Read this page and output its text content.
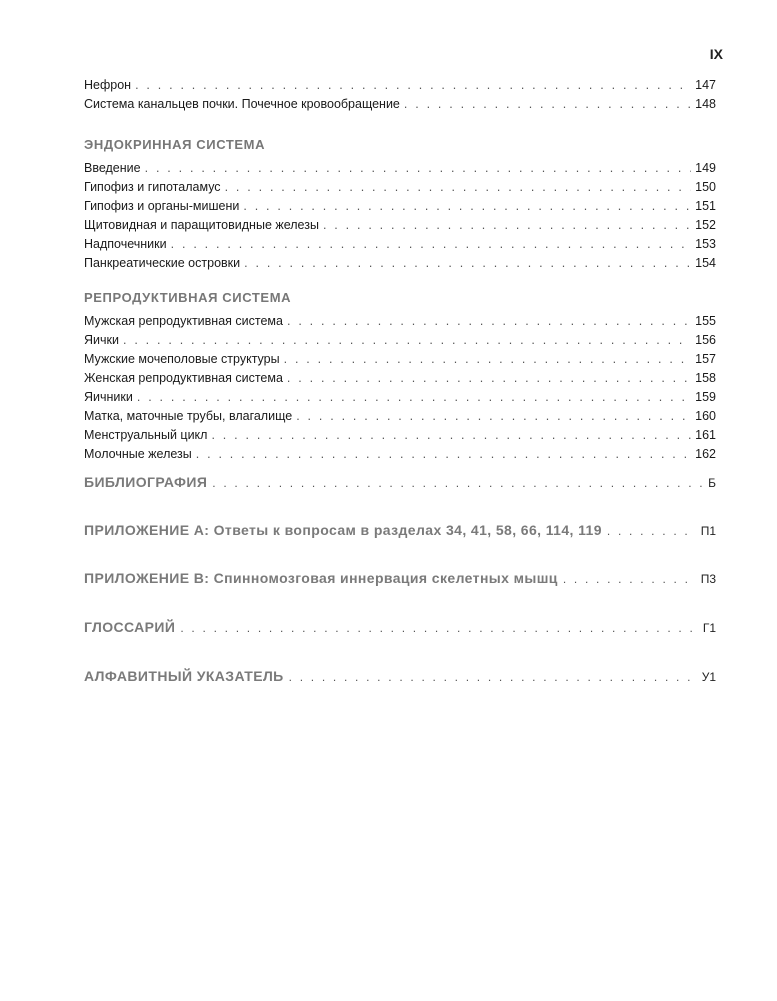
IX
Нефрон . . .	147
Система канальцев почки. Почечное кровообращение . . .	148
ЭНДОКРИННАЯ СИСТЕМА
Введение . . .	149
Гипофиз и гипоталамус . . .	150
Гипофиз и органы-мишени . . .	151
Щитовидная и паращитовидные железы . . .	152
Надпочечники . . .	153
Панкреатические островки . . .	154
РЕПРОДУКТИВНАЯ СИСТЕМА
Мужская репродуктивная система . . .	155
Яички . . .	156
Мужские мочеполовые структуры . . .	157
Женская репродуктивная система . . .	158
Яичники . . .	159
Матка, маточные трубы, влагалище . . .	160
Менструальный цикл . . .	161
Молочные железы . . .	162
БИБЛИОГРАФИЯ . . .	Б
ПРИЛОЖЕНИЕ А: Ответы к вопросам в разделах 34, 41, 58, 66, 114, 119 . . .	П1
ПРИЛОЖЕНИЕ В: Спинномозговая иннервация скелетных мышц . . .	П3
ГЛОССАРИЙ . . .	Г1
АЛФАВИТНЫЙ УКАЗАТЕЛЬ . . .	У1
